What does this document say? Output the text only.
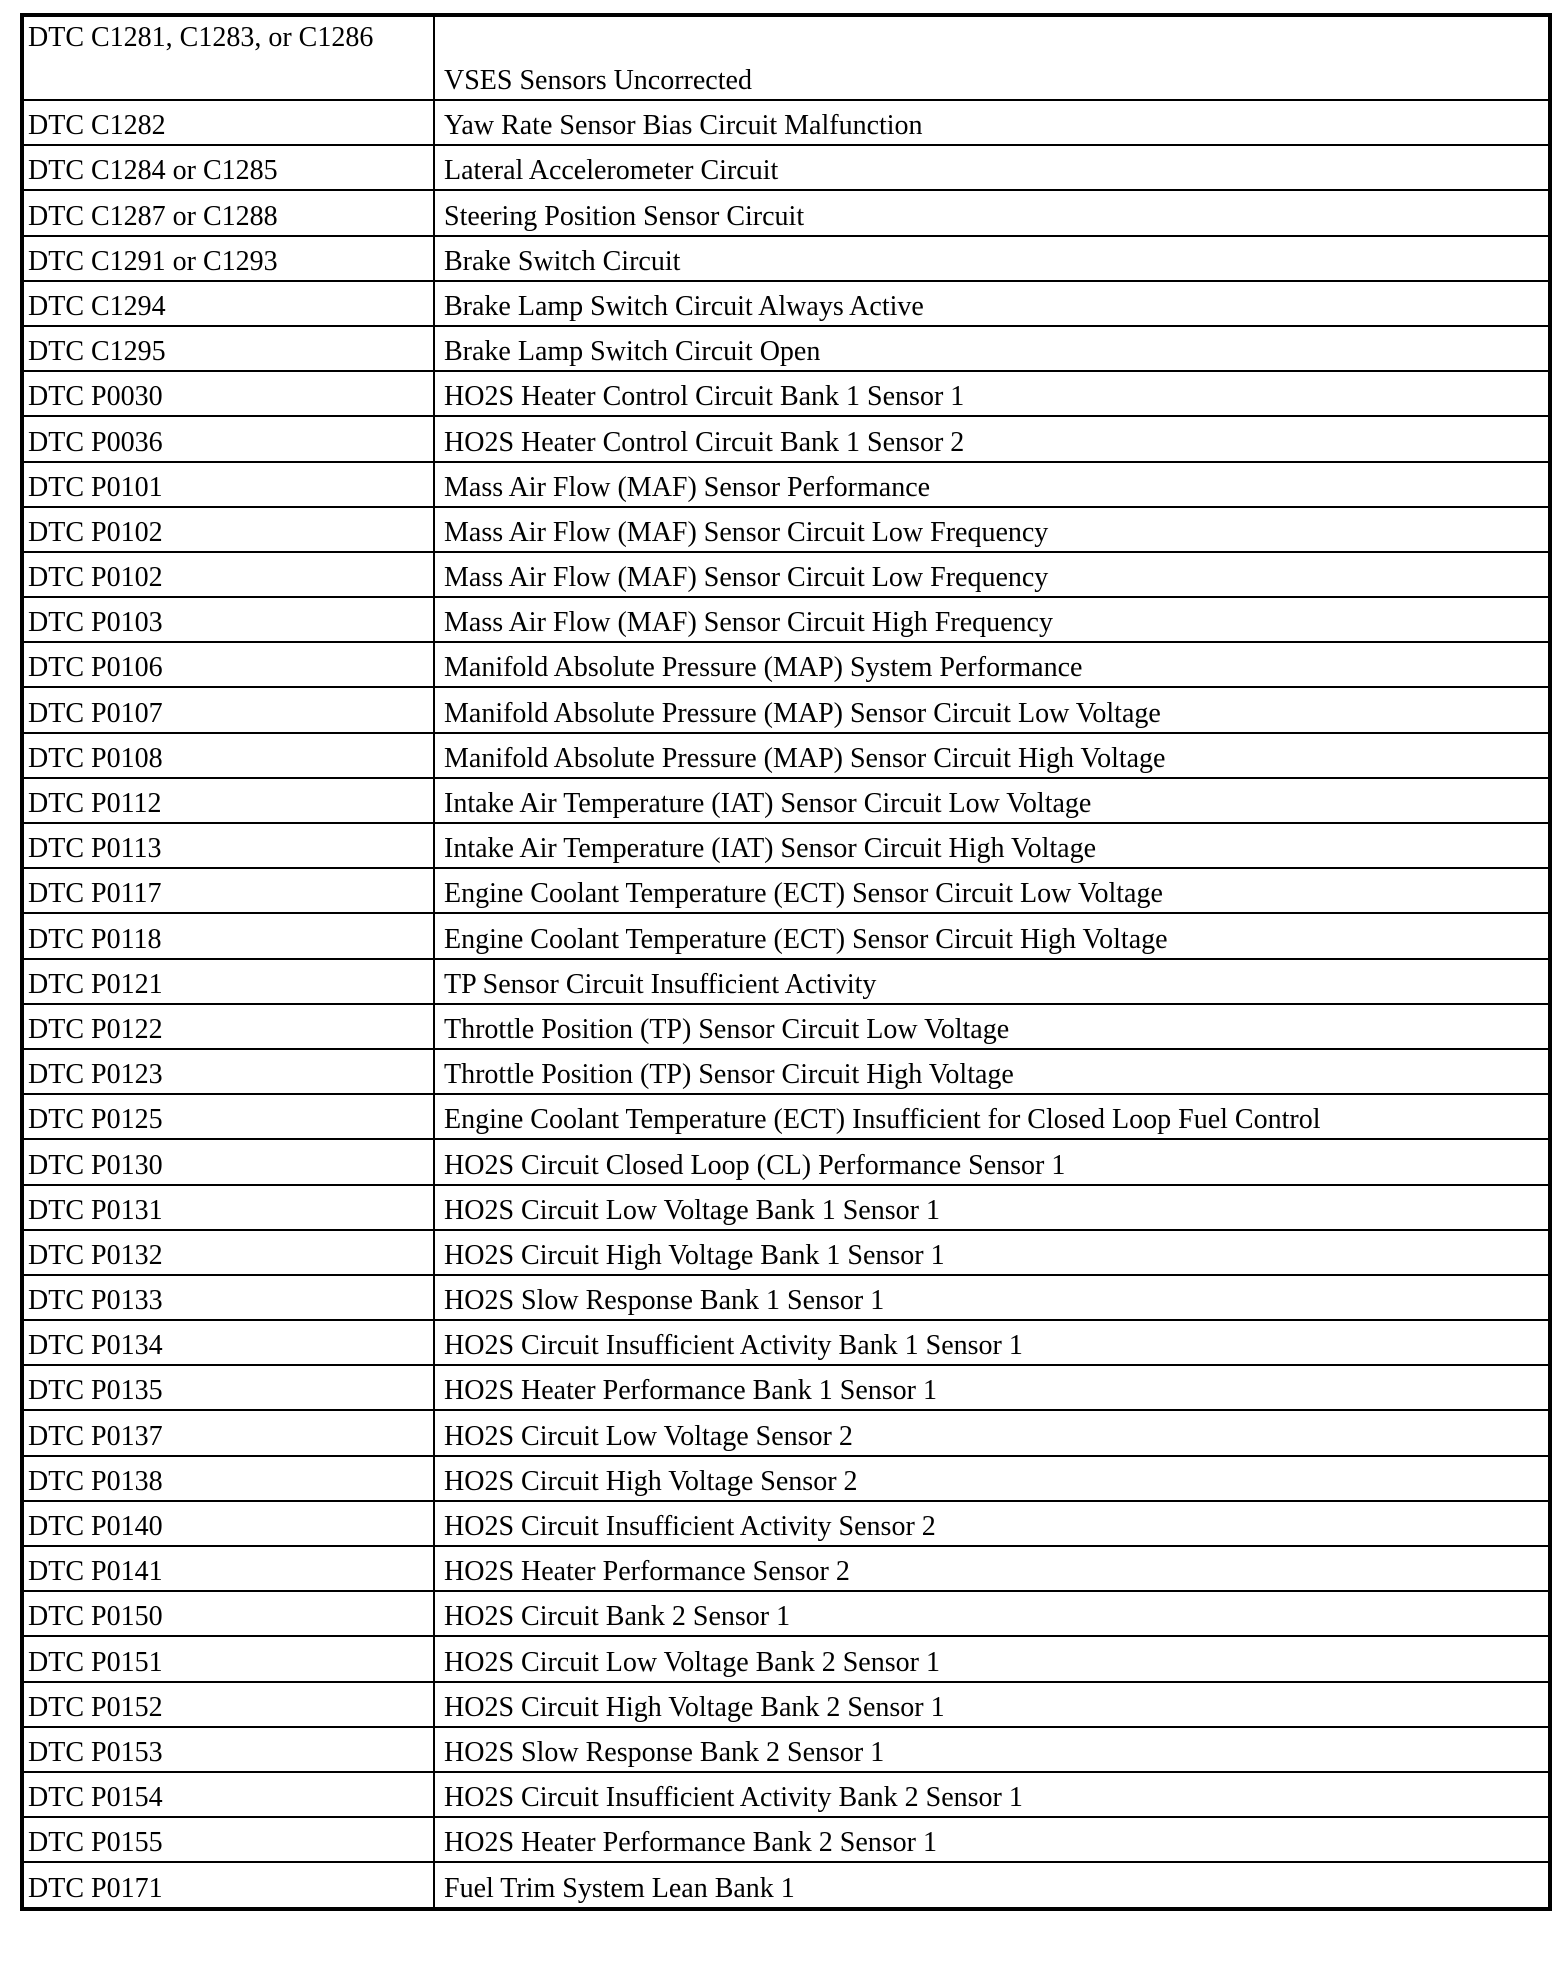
DTC C1281, C1283, or C1286	VSES Sensors Uncorrected
DTC C1282	Yaw Rate Sensor Bias Circuit Malfunction
DTC C1284 or C1285	Lateral Accelerometer Circuit
DTC C1287 or C1288	Steering Position Sensor Circuit
DTC C1291 or C1293	Brake Switch Circuit
DTC C1294	Brake Lamp Switch Circuit Always Active
DTC C1295	Brake Lamp Switch Circuit Open
DTC P0030	HO2S Heater Control Circuit Bank 1 Sensor 1
DTC P0036	HO2S Heater Control Circuit Bank 1 Sensor 2
DTC P0101	Mass Air Flow (MAF) Sensor Performance
DTC P0102	Mass Air Flow (MAF) Sensor Circuit Low Frequency
DTC P0102	Mass Air Flow (MAF) Sensor Circuit Low Frequency
DTC P0103	Mass Air Flow (MAF) Sensor Circuit High Frequency
DTC P0106	Manifold Absolute Pressure (MAP) System Performance
DTC P0107	Manifold Absolute Pressure (MAP) Sensor Circuit Low Voltage
DTC P0108	Manifold Absolute Pressure (MAP) Sensor Circuit High Voltage
DTC P0112	Intake Air Temperature (IAT) Sensor Circuit Low Voltage
DTC P0113	Intake Air Temperature (IAT) Sensor Circuit High Voltage
DTC P0117	Engine Coolant Temperature (ECT) Sensor Circuit Low Voltage
DTC P0118	Engine Coolant Temperature (ECT) Sensor Circuit High Voltage
DTC P0121	TP Sensor Circuit Insufficient Activity
DTC P0122	Throttle Position (TP) Sensor Circuit Low Voltage
DTC P0123	Throttle Position (TP) Sensor Circuit High Voltage
DTC P0125	Engine Coolant Temperature (ECT) Insufficient for Closed Loop Fuel Control
DTC P0130	HO2S Circuit Closed Loop (CL) Performance Sensor 1
DTC P0131	HO2S Circuit Low Voltage Bank 1 Sensor 1
DTC P0132	HO2S Circuit High Voltage Bank 1 Sensor 1
DTC P0133	HO2S Slow Response Bank 1 Sensor 1
DTC P0134	HO2S Circuit Insufficient Activity Bank 1 Sensor 1
DTC P0135	HO2S Heater Performance Bank 1 Sensor 1
DTC P0137	HO2S Circuit Low Voltage Sensor 2
DTC P0138	HO2S Circuit High Voltage Sensor 2
DTC P0140	HO2S Circuit Insufficient Activity Sensor 2
DTC P0141	HO2S Heater Performance Sensor 2
DTC P0150	HO2S Circuit Bank 2 Sensor 1
DTC P0151	HO2S Circuit Low Voltage Bank 2 Sensor 1
DTC P0152	HO2S Circuit High Voltage Bank 2 Sensor 1
DTC P0153	HO2S Slow Response Bank 2 Sensor 1
DTC P0154	HO2S Circuit Insufficient Activity Bank 2 Sensor 1
DTC P0155	HO2S Heater Performance Bank 2 Sensor 1
DTC P0171	Fuel Trim System Lean Bank 1
